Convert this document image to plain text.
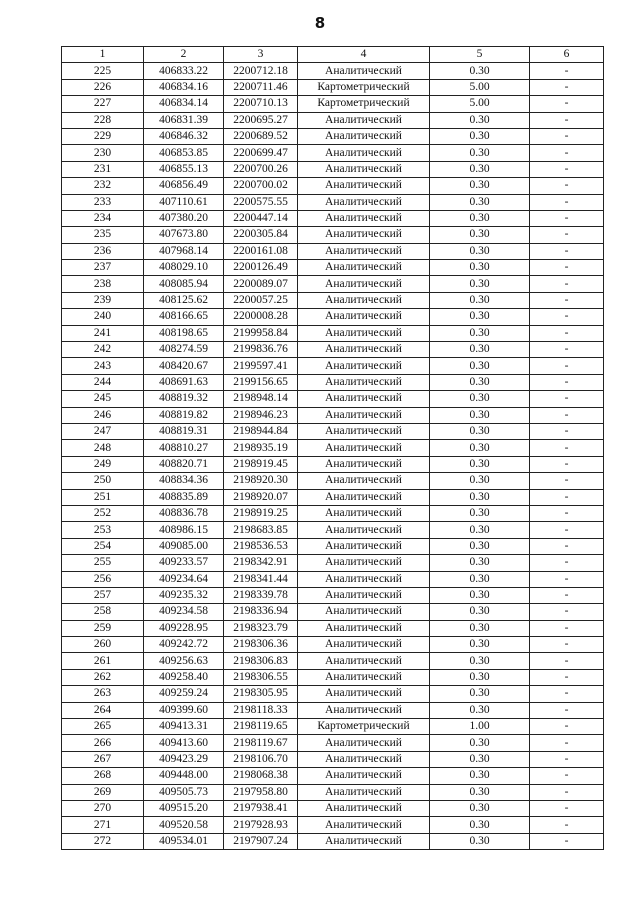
8
1	2	3	4	5	6
225	406833.22	2200712.18	Аналитический	0.30	-
226	406834.16	2200711.46	Картометрический	5.00	-
227	406834.14	2200710.13	Картометрический	5.00	-
228	406831.39	2200695.27	Аналитический	0.30	-
229	406846.32	2200689.52	Аналитический	0.30	-
230	406853.85	2200699.47	Аналитический	0.30	-
231	406855.13	2200700.26	Аналитический	0.30	-
232	406856.49	2200700.02	Аналитический	0.30	-
233	407110.61	2200575.55	Аналитический	0.30	-
234	407380.20	2200447.14	Аналитический	0.30	-
235	407673.80	2200305.84	Аналитический	0.30	-
236	407968.14	2200161.08	Аналитический	0.30	-
237	408029.10	2200126.49	Аналитический	0.30	-
238	408085.94	2200089.07	Аналитический	0.30	-
239	408125.62	2200057.25	Аналитический	0.30	-
240	408166.65	2200008.28	Аналитический	0.30	-
241	408198.65	2199958.84	Аналитический	0.30	-
242	408274.59	2199836.76	Аналитический	0.30	-
243	408420.67	2199597.41	Аналитический	0.30	-
244	408691.63	2199156.65	Аналитический	0.30	-
245	408819.32	2198948.14	Аналитический	0.30	-
246	408819.82	2198946.23	Аналитический	0.30	-
247	408819.31	2198944.84	Аналитический	0.30	-
248	408810.27	2198935.19	Аналитический	0.30	-
249	408820.71	2198919.45	Аналитический	0.30	-
250	408834.36	2198920.30	Аналитический	0.30	-
251	408835.89	2198920.07	Аналитический	0.30	-
252	408836.78	2198919.25	Аналитический	0.30	-
253	408986.15	2198683.85	Аналитический	0.30	-
254	409085.00	2198536.53	Аналитический	0.30	-
255	409233.57	2198342.91	Аналитический	0.30	-
256	409234.64	2198341.44	Аналитический	0.30	-
257	409235.32	2198339.78	Аналитический	0.30	-
258	409234.58	2198336.94	Аналитический	0.30	-
259	409228.95	2198323.79	Аналитический	0.30	-
260	409242.72	2198306.36	Аналитический	0.30	-
261	409256.63	2198306.83	Аналитический	0.30	-
262	409258.40	2198306.55	Аналитический	0.30	-
263	409259.24	2198305.95	Аналитический	0.30	-
264	409399.60	2198118.33	Аналитический	0.30	-
265	409413.31	2198119.65	Картометрический	1.00	-
266	409413.60	2198119.67	Аналитический	0.30	-
267	409423.29	2198106.70	Аналитический	0.30	-
268	409448.00	2198068.38	Аналитический	0.30	-
269	409505.73	2197958.80	Аналитический	0.30	-
270	409515.20	2197938.41	Аналитический	0.30	-
271	409520.58	2197928.93	Аналитический	0.30	-
272	409534.01	2197907.24	Аналитический	0.30	-
